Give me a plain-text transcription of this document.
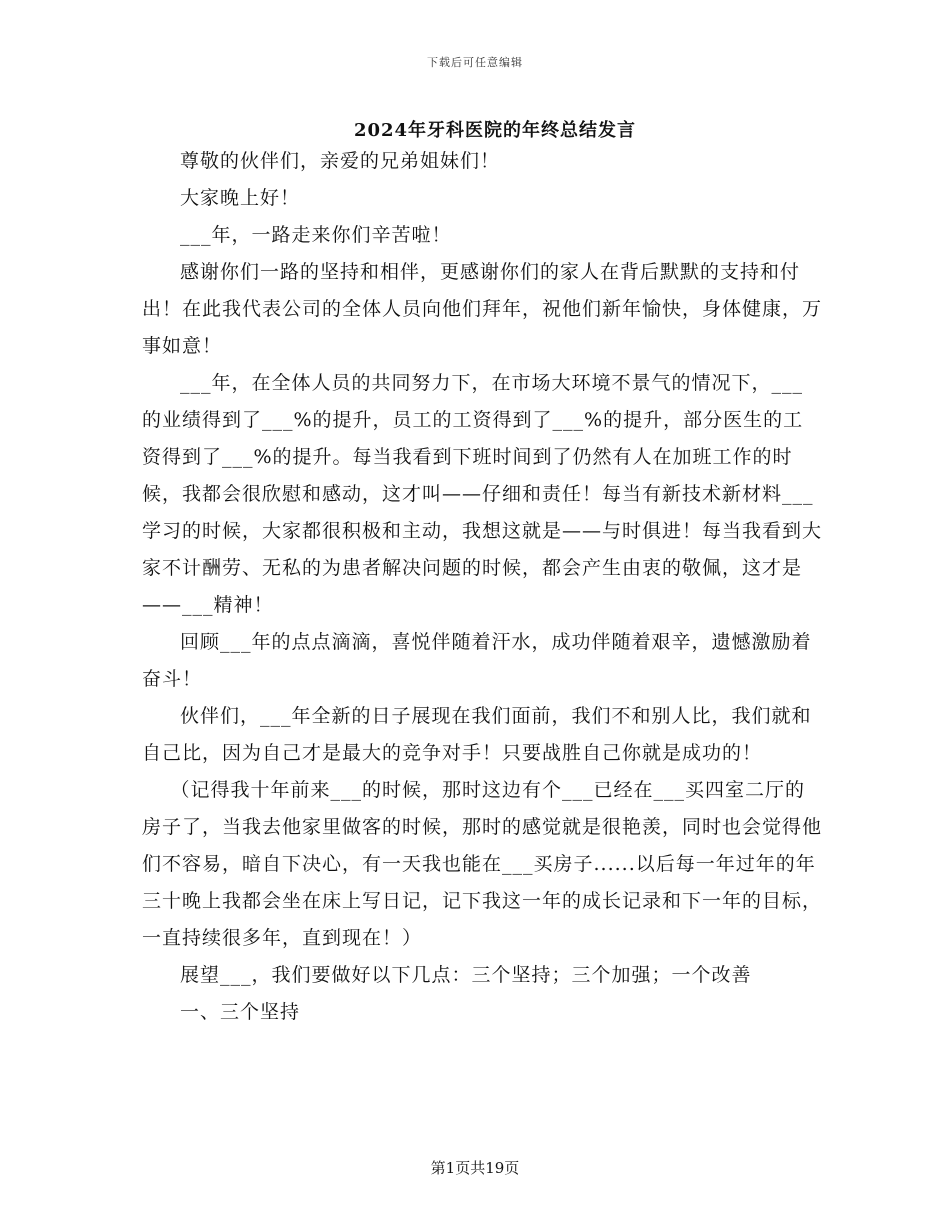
下载后可任意编辑
2024年牙科医院的年终总结发言

尊敬的伙伴们，亲爱的兄弟姐妹们！

大家晚上好！

___年，一路走来你们辛苦啦！

感谢你们一路的坚持和相伴，更感谢你们的家人在背后默默的支持和付出！在此我代表公司的全体人员向他们拜年，祝他们新年愉快，身体健康，万事如意！

___年，在全体人员的共同努力下，在市场大环境不景气的情况下，___的业绩得到了___%的提升，员工的工资得到了___%的提升，部分医生的工资得到了___%的提升。每当我看到下班时间到了仍然有人在加班工作的时候，我都会很欣慰和感动，这才叫——仔细和责任！每当有新技术新材料___学习的时候，大家都很积极和主动，我想这就是——与时俱进！每当我看到大家不计酬劳、无私的为患者解决问题的时候，都会产生由衷的敬佩，这才是——___精神！

回顾___年的点点滴滴，喜悦伴随着汗水，成功伴随着艰辛，遗憾激励着奋斗！

伙伴们，___年全新的日子展现在我们面前，我们不和别人比，我们就和自己比，因为自己才是最大的竞争对手！只要战胜自己你就是成功的！

（记得我十年前来___的时候，那时这边有个___已经在___买四室二厅的房子了，当我去他家里做客的时候，那时的感觉就是很艳羡，同时也会觉得他们不容易，暗自下决心，有一天我也能在___买房子......以后每一年过年的年三十晚上我都会坐在床上写日记，记下我这一年的成长记录和下一年的目标，一直持续很多年，直到现在！）

展望___，我们要做好以下几点：三个坚持；三个加强；一个改善

一、三个坚持

第1页共19页
